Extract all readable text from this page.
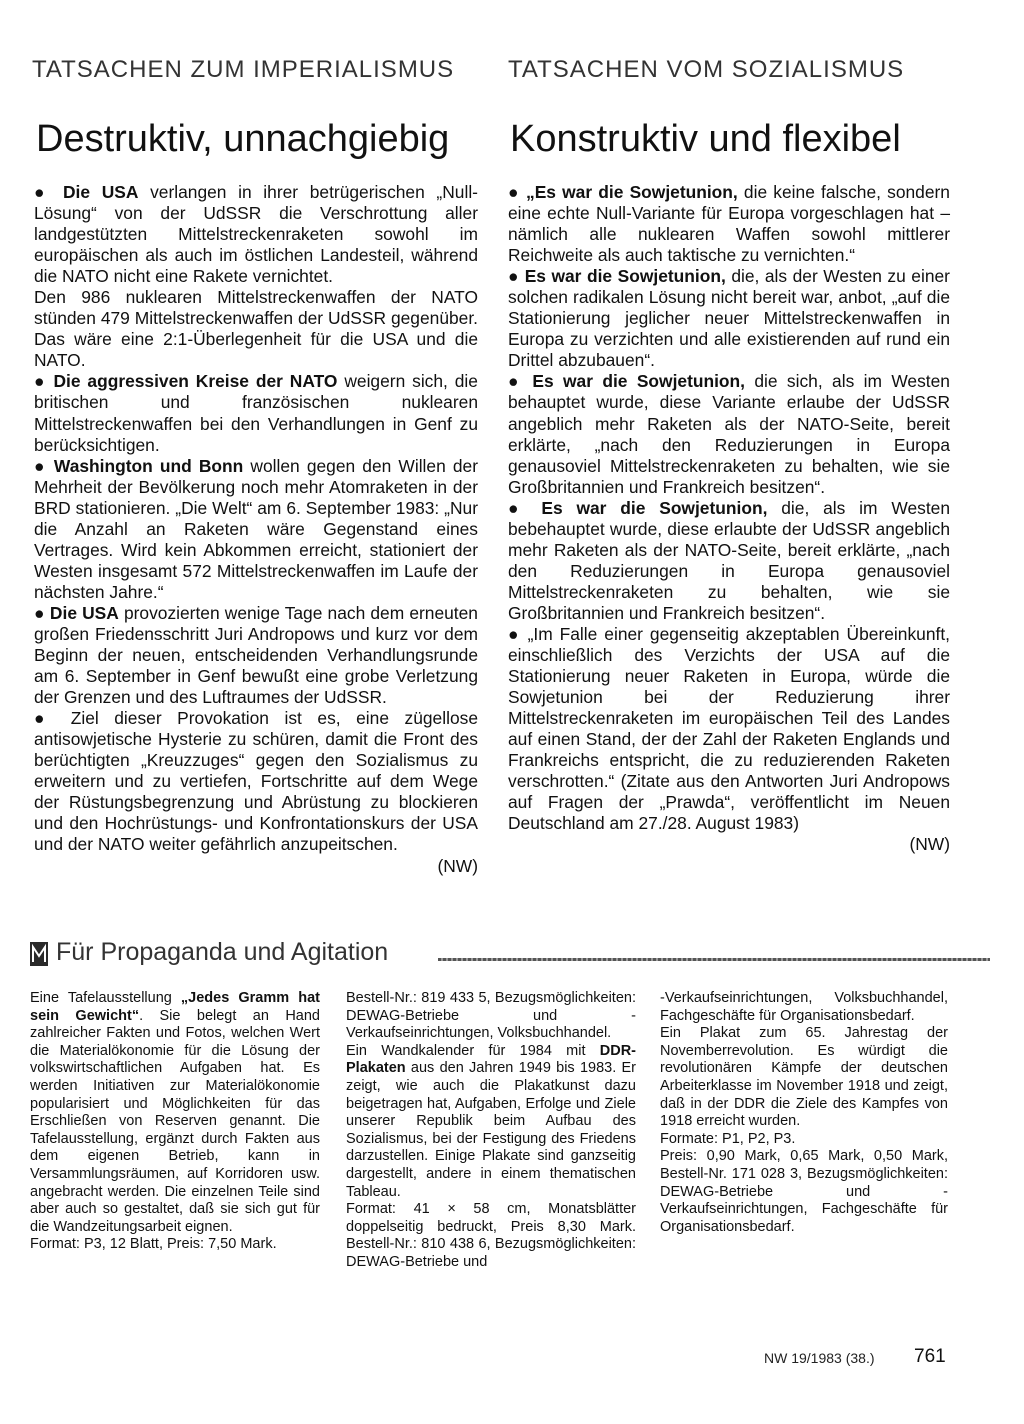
TATSACHEN ZUM IMPERIALISMUS TATSACHEN VOM SOZIALISMUS
Destruktiv, unnachgiebig Konstruktiv und flexibel

● Die USA verlangen in ihrer betrügerischen „Null-Lösung“ von der UdSSR die Verschrottung aller landgestützten Mittelstreckenraketen sowohl im europäischen als auch im östlichen Landesteil, während die NATO nicht eine Rakete vernichtet.

Den 986 nuklearen Mittelstreckenwaffen der NATO stünden 479 Mittelstreckenwaffen der UdSSR gegenüber. Das wäre eine 2:1-Überlegenheit für die USA und die NATO.

● Die aggressiven Kreise der NATO weigern sich, die britischen und französischen nuklearen Mittelstreckenwaffen bei den Verhandlungen in Genf zu berücksichtigen.

● Washington und Bonn wollen gegen den Willen der Mehrheit der Bevölkerung noch mehr Atomraketen in der BRD stationieren. „Die Welt“ am 6. September 1983: „Nur die Anzahl an Raketen wäre Gegenstand eines Vertrages. Wird kein Abkommen erreicht, stationiert der Westen insgesamt 572 Mittelstreckenwaffen im Laufe der nächsten Jahre.“

● Die USA provozierten wenige Tage nach dem erneuten großen Friedensschritt Juri Andropows und kurz vor dem Beginn der neuen, entscheidenden Verhandlungsrunde am 6. September in Genf bewußt eine grobe Verletzung der Grenzen und des Luftraumes der UdSSR.

● Ziel dieser Provokation ist es, eine zügellose antisowjetische Hysterie zu schüren, damit die Front des berüchtigten „Kreuzzuges“ gegen den Sozialismus zu erweitern und zu vertiefen, Fortschritte auf dem Wege der Rüstungsbegrenzung und Abrüstung zu blockieren und den Hochrüstungs- und Konfrontationskurs der USA und der NATO weiter gefährlich anzupeitschen.

(NW)

● „Es war die Sowjetunion, die keine falsche, sondern eine echte Null-Variante für Europa vorgeschlagen hat – nämlich alle nuklearen Waffen sowohl mittlerer Reichweite als auch taktische zu vernichten.“

● Es war die Sowjetunion, die, als der Westen zu einer solchen radikalen Lösung nicht bereit war, anbot, „auf die Stationierung jeglicher neuer Mittelstreckenwaffen in Europa zu verzichten und alle existierenden auf rund ein Drittel abzubauen“.

● Es war die Sowjetunion, die sich, als im Westen behauptet wurde, diese Variante erlaube der UdSSR angeblich mehr Raketen als der NATO-Seite, bereit erklärte, „nach den Reduzierungen in Europa genausoviel Mittelstreckenraketen zu behalten, wie sie Großbritannien und Frankreich besitzen“.

● Es war die Sowjetunion, die, als im Westen bebehauptet wurde, diese erlaubte der UdSSR angeblich mehr Raketen als der NATO-Seite, bereit erklärte, „nach den Reduzierungen in Europa genausoviel Mittelstreckenraketen zu behalten, wie sie Großbritannien und Frankreich besitzen“.

● „Im Falle einer gegenseitig akzeptablen Übereinkunft, einschließlich des Verzichts der USA auf die Stationierung neuer Raketen in Europa, würde die Sowjetunion bei der Reduzierung ihrer Mittelstreckenraketen im europäischen Teil des Landes auf einen Stand, der der Zahl der Raketen Englands und Frankreichs entspricht, die zu reduzierenden Raketen verschrotten.“ (Zitate aus den Antworten Juri Andropows auf Fragen der „Prawda“, veröffentlicht im Neuen Deutschland am 27./28. August 1983)

(NW)
Für Propaganda und Agitation

Eine Tafelausstellung „Jedes Gramm hat sein Gewicht“. Sie belegt an Hand zahlreicher Fakten und Fotos, welchen Wert die Materialökonomie für die Lösung der volkswirtschaftlichen Aufgaben hat. Es werden Initiativen zur Materialökonomie popularisiert und Möglichkeiten für das Erschließen von Reserven genannt. Die Tafelausstellung, ergänzt durch Fakten aus dem eigenen Betrieb, kann in Versammlungsräumen, auf Korridoren usw. angebracht werden. Die einzelnen Teile sind aber auch so gestaltet, daß sie sich gut für die Wandzeitungsarbeit eignen.

Format: P3, 12 Blatt, Preis: 7,50 Mark.

Bestell-Nr.: 819 433 5, Bezugsmöglichkeiten: DEWAG-Betriebe und -Verkaufseinrichtungen, Volksbuchhandel.

Ein Wandkalender für 1984 mit DDR-Plakaten aus den Jahren 1949 bis 1983. Er zeigt, wie auch die Plakatkunst dazu beigetragen hat, Aufgaben, Erfolge und Ziele unserer Republik beim Aufbau des Sozialismus, bei der Festigung des Friedens darzustellen. Einige Plakate sind ganzseitig dargestellt, andere in einem thematischen Tableau.

Format: 41 × 58 cm, Monatsblätter doppelseitig bedruckt, Preis 8,30 Mark. Bestell-Nr.: 810 438 6, Bezugsmöglichkeiten: DEWAG-Betriebe und

-Verkaufseinrichtungen, Volksbuchhandel, Fachgeschäfte für Organisationsbedarf.

Ein Plakat zum 65. Jahrestag der Novemberrevolution. Es würdigt die revolutionären Kämpfe der deutschen Arbeiterklasse im November 1918 und zeigt, daß in der DDR die Ziele des Kampfes von 1918 erreicht wurden.

Formate: P1, P2, P3.

Preis: 0,90 Mark, 0,65 Mark, 0,50 Mark, Bestell-Nr. 171 028 3, Bezugsmöglichkeiten: DEWAG-Betriebe und -Verkaufseinrichtungen, Fachgeschäfte für Organisationsbedarf.

NW 19/1983 (38.) 761
